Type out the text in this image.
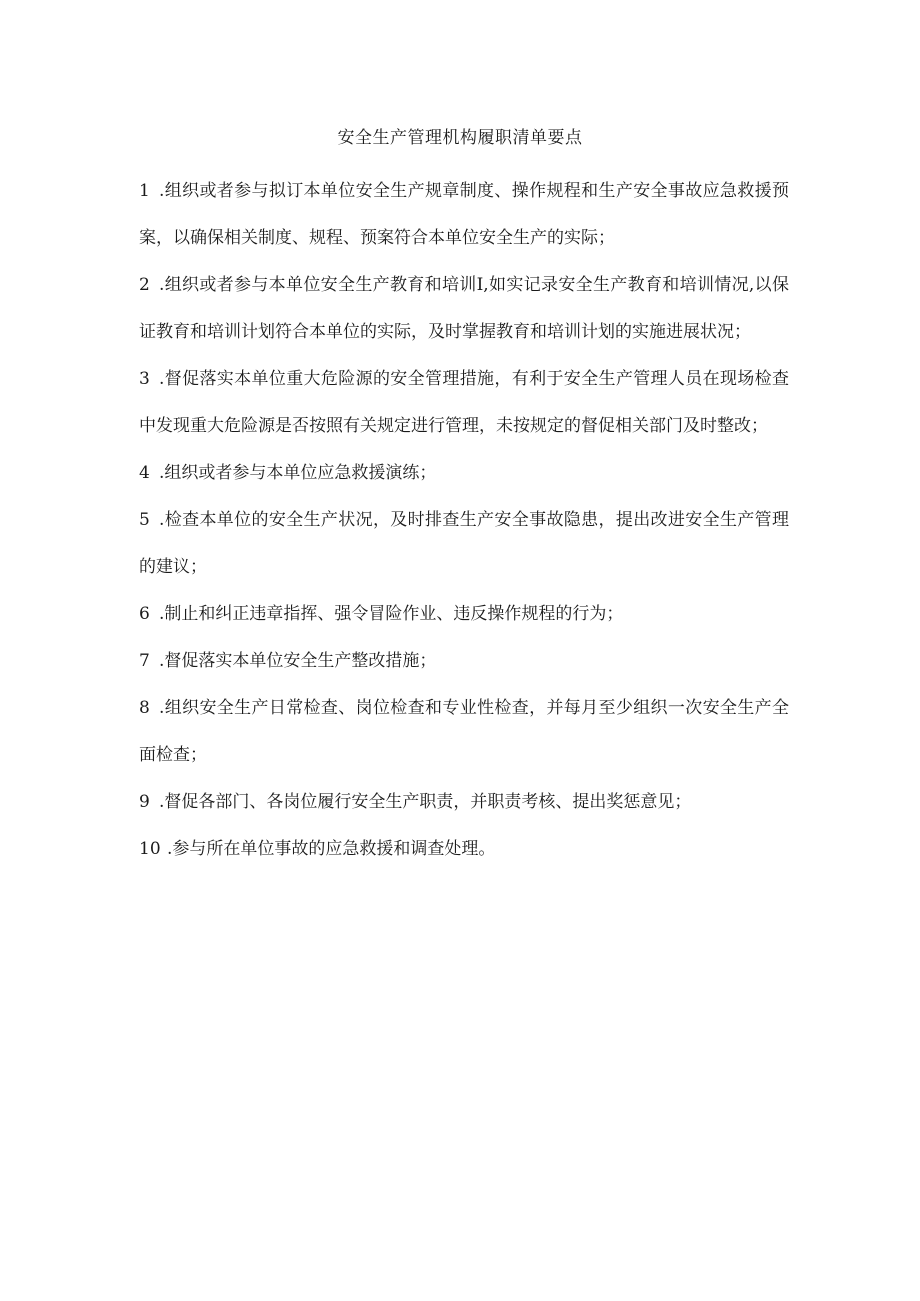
安全生产管理机构履职清单要点

1 .组织或者参与拟订本单位安全生产规章制度、操作规程和生产安全事故应急救援预案，以确保相关制度、规程、预案符合本单位安全生产的实际；

2 .组织或者参与本单位安全生产教育和培训I,如实记录安全生产教育和培训情况,以保证教育和培训计划符合本单位的实际，及时掌握教育和培训计划的实施进展状况；

3 .督促落实本单位重大危险源的安全管理措施，有利于安全生产管理人员在现场检查中发现重大危险源是否按照有关规定进行管理，未按规定的督促相关部门及时整改；

4 .组织或者参与本单位应急救援演练；

5 .检查本单位的安全生产状况，及时排查生产安全事故隐患，提出改进安全生产管理的建议；

6 .制止和纠正违章指挥、强令冒险作业、违反操作规程的行为；

7 .督促落实本单位安全生产整改措施；

8 .组织安全生产日常检查、岗位检查和专业性检查，并每月至少组织一次安全生产全面检查；

9 .督促各部门、各岗位履行安全生产职责，并职责考核、提出奖惩意见；

10 .参与所在单位事故的应急救援和调查处理。
